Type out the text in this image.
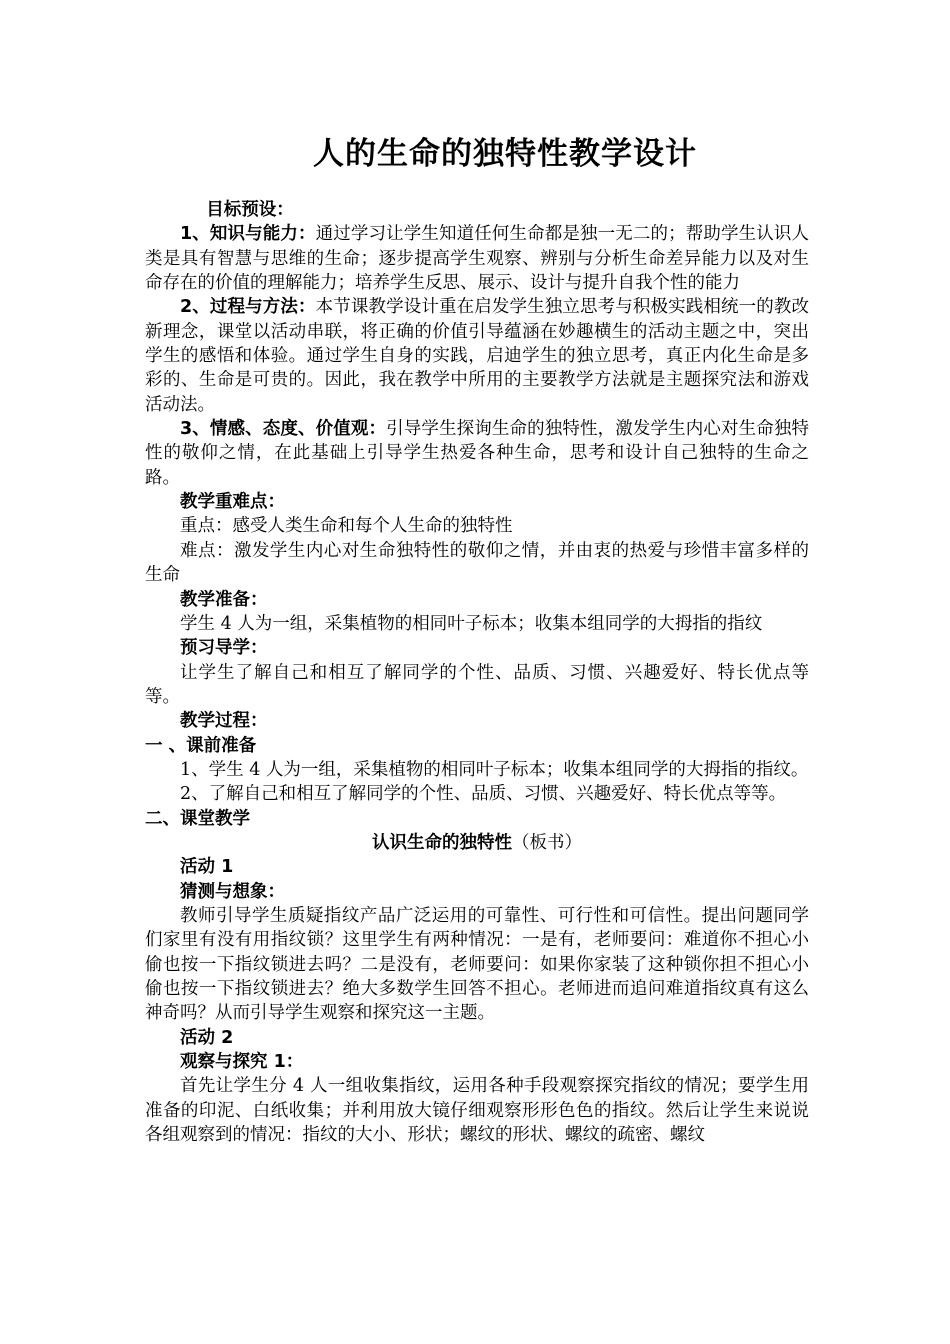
人的生命的独特性教学设计

目标预设：

1、知识与能力：通过学习让学生知道任何生命都是独一无二的；帮助学生认识人类是具有智慧与思维的生命；逐步提高学生观察、辨别与分析生命差异能力以及对生命存在的价值的理解能力；培养学生反思、展示、设计与提升自我个性的能力

2、过程与方法：本节课教学设计重在启发学生独立思考与积极实践相统一的教改新理念，课堂以活动串联，将正确的价值引导蕴涵在妙趣横生的活动主题之中，突出学生的感悟和体验。通过学生自身的实践，启迪学生的独立思考，真正内化生命是多彩的、生命是可贵的。因此，我在教学中所用的主要教学方法就是主题探究法和游戏活动法。

3、情感、态度、价值观：引导学生探询生命的独特性，激发学生内心对生命独特性的敬仰之情，在此基础上引导学生热爱各种生命，思考和设计自己独特的生命之路。

教学重难点：

重点：感受人类生命和每个人生命的独特性

难点：激发学生内心对生命独特性的敬仰之情，并由衷的热爱与珍惜丰富多样的生命

教学准备：

学生 4 人为一组，采集植物的相同叶子标本；收集本组同学的大拇指的指纹

预习导学：

让学生了解自己和相互了解同学的个性、品质、习惯、兴趣爱好、特长优点等等。

教学过程：

一 、课前准备

1、学生 4 人为一组，采集植物的相同叶子标本；收集本组同学的大拇指的指纹。

2、了解自己和相互了解同学的个性、品质、习惯、兴趣爱好、特长优点等等。

二、课堂教学

认识生命的独特性（板书）

活动 1

猜测与想象：

教师引导学生质疑指纹产品广泛运用的可靠性、可行性和可信性。提出问题同学们家里有没有用指纹锁？这里学生有两种情况：一是有，老师要问：难道你不担心小偷也按一下指纹锁进去吗？二是没有，老师要问：如果你家装了这种锁你担不担心小偷也按一下指纹锁进去？绝大多数学生回答不担心。老师进而追问难道指纹真有这么神奇吗？从而引导学生观察和探究这一主题。

活动 2

观察与探究 1：

首先让学生分 4 人一组收集指纹，运用各种手段观察探究指纹的情况；要学生用准备的印泥、白纸收集；并利用放大镜仔细观察形形色色的指纹。然后让学生来说说各组观察到的情况：指纹的大小、形状；螺纹的形状、螺纹的疏密、螺纹
